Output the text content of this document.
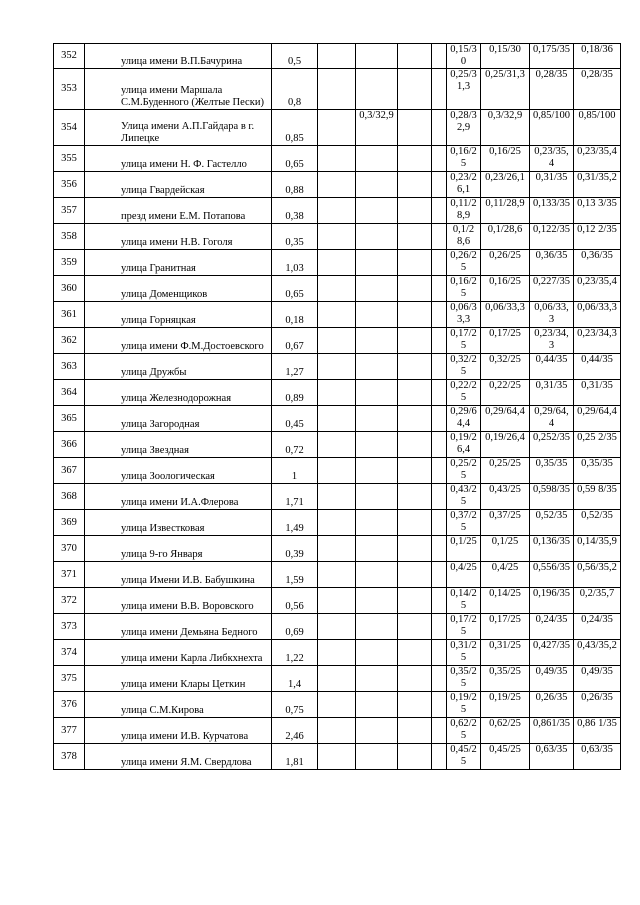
352	улица имени В.П.Бачурина	0,5					0,15/30	0,15/30	0,175/35	0,18/36
353	улица имени Маршала С.М.Буденного (Желтые Пески)	0,8					0,25/31,3	0,25/31,3	0,28/35	0,28/35
354	Улица имени А.П.Гайдара в г. Липецке	0,85		0,3/32,9			0,28/32,9	0,3/32,9	0,85/100	0,85/100
355	улица имени Н. Ф. Гастелло	0,65					0,16/25	0,16/25	0,23/35,4	0,23/35,4
356	улица Гвардейская	0,88					0,23/26,1	0,23/26,1	0,31/35	0,31/35,2
357	презд имени Е.М. Потапова	0,38					0,11/28,9	0,11/28,9	0,133/35	0,13 3/35
358	улица имени Н.В. Гоголя	0,35					0,1/28,6	0,1/28,6	0,122/35	0,12 2/35
359	улица Гранитная	1,03					0,26/25	0,26/25	0,36/35	0,36/35
360	улица Доменщиков	0,65					0,16/25	0,16/25	0,227/35	0,23/35,4
361	улица Горняцкая	0,18					0,06/33,3	0,06/33,3	0,06/33,3	0,06/33,3
362	улица имени Ф.М.Достоевского	0,67					0,17/25	0,17/25	0,23/34,3	0,23/34,3
363	улица Дружбы	1,27					0,32/25	0,32/25	0,44/35	0,44/35
364	улица Железнодорожная	0,89					0,22/25	0,22/25	0,31/35	0,31/35
365	улица Загородная	0,45					0,29/64,4	0,29/64,4	0,29/64,4	0,29/64,4
366	улица Звездная	0,72					0,19/26,4	0,19/26,4	0,252/35	0,25 2/35
367	улица Зоологическая	1					0,25/25	0,25/25	0,35/35	0,35/35
368	улица имени И.А.Флерова	1,71					0,43/25	0,43/25	0,598/35	0,59 8/35
369	улица Известковая	1,49					0,37/25	0,37/25	0,52/35	0,52/35
370	улица 9-го Января	0,39					0,1/25	0,1/25	0,136/35	0,14/35,9
371	улица Имени И.В. Бабушкина	1,59					0,4/25	0,4/25	0,556/35	0,56/35,2
372	улица имени В.В. Воровского	0,56					0,14/25	0,14/25	0,196/35	0,2/35,7
373	улица имени Демьяна Бедного	0,69					0,17/25	0,17/25	0,24/35	0,24/35
374	улица имени Карла Либкхнехта	1,22					0,31/25	0,31/25	0,427/35	0,43/35,2
375	улица имени Клары Цеткин	1,4					0,35/25	0,35/25	0,49/35	0,49/35
376	улица С.М.Кирова	0,75					0,19/25	0,19/25	0,26/35	0,26/35
377	улица имени И.В. Курчатова	2,46					0,62/25	0,62/25	0,861/35	0,86 1/35
378	улица имени Я.М. Свердлова	1,81					0,45/25	0,45/25	0,63/35	0,63/35
